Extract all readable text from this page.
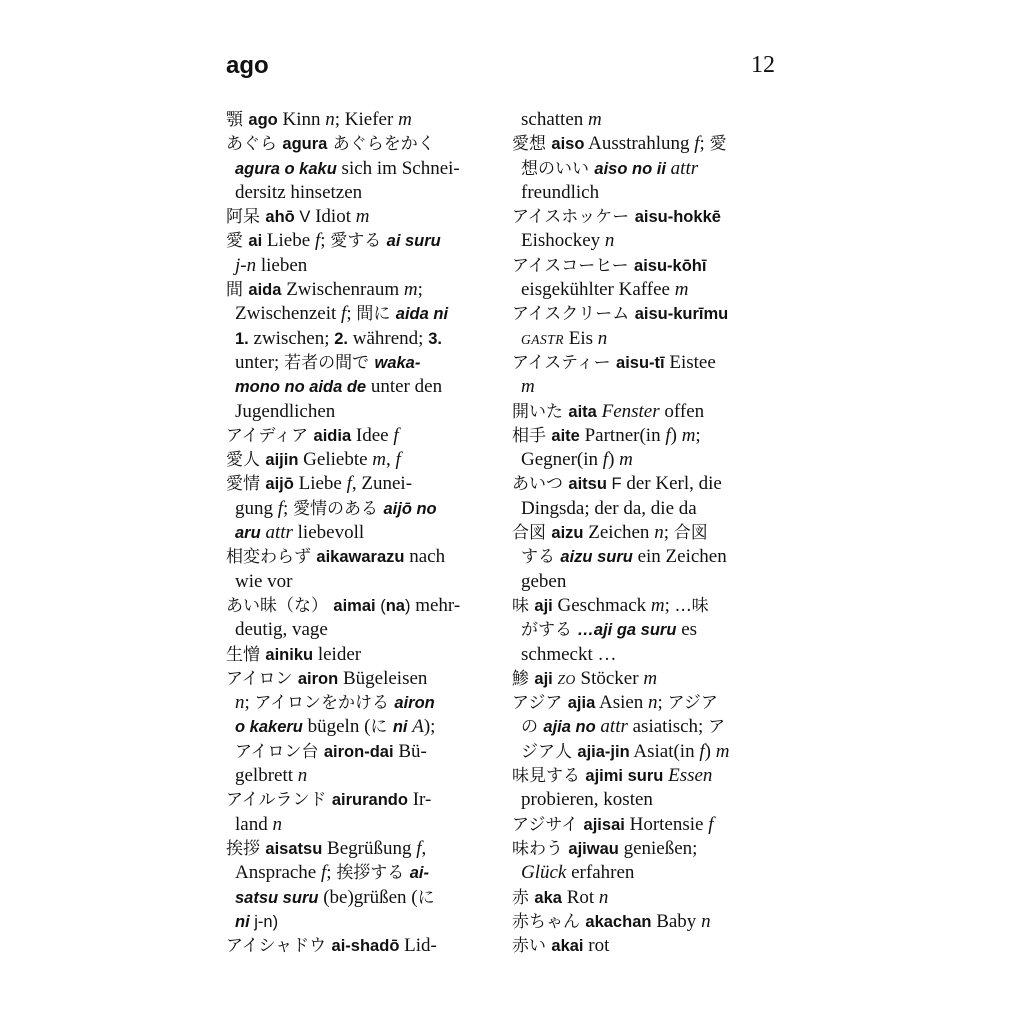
ago	12
顎 ago Kinn n; Kiefer m
あぐら agura あぐらをかく
agura o kaku sich im Schnei-
dersitz hinsetzen
阿呆 ahō V Idiot m
愛 ai Liebe f; 愛する ai suru
j-n lieben
間 aida Zwischenraum m;
Zwischenzeit f; 間に aida ni
1. zwischen; 2. während; 3.
unter; 若者の間で waka-
mono no aida de unter den
Jugendlichen
アイディア aidia Idee f
愛人 aijin Geliebte m, f
愛情 aijō Liebe f, Zunei-
gung f; 愛情のある aijō no
aru attr liebevoll
相変わらず aikawarazu nach
wie vor
あい昧（な） aimai (na) mehr-
deutig, vage
生憎 ainiku leider
アイロン airon Bügeleisen
n; アイロンをかける airon
o kakeru bügeln (に ni A);
アイロン台 airon-dai Bü-
gelbrett n
アイルランド airurando Ir-
land n
挨拶 aisatsu Begrüßung f,
Ansprache f; 挨拶する ai-
satsu suru (be)grüßen (に
ni j-n)
アイシャドウ ai-shadō Lid-
schatten m
愛想 aiso Ausstrahlung f; 愛
想のいい aiso no ii attr
freundlich
アイスホッケー aisu-hokkē
Eishockey n
アイスコーヒー aisu-kōhī
eisgekühlter Kaffee m
アイスクリーム aisu-kurīmu
GASTR Eis n
アイスティー aisu-tī Eistee
m
開いた aita Fenster offen
相手 aite Partner(in f) m;
Gegner(in f) m
あいつ aitsu F der Kerl, die
Dingsda; der da, die da
合図 aizu Zeichen n; 合図
する aizu suru ein Zeichen
geben
味 aji Geschmack m; …味
がする …aji ga suru es
schmeckt …
鯵 aji ZO Stöcker m
アジア ajia Asien n; アジア
の ajia no attr asiatisch; ア
ジア人 ajia-jin Asiat(in f) m
味見する ajimi suru Essen
probieren, kosten
アジサイ ajisai Hortensie f
味わう ajiwau genießen;
Glück erfahren
赤 aka Rot n
赤ちゃん akachan Baby n
赤い akai rot
